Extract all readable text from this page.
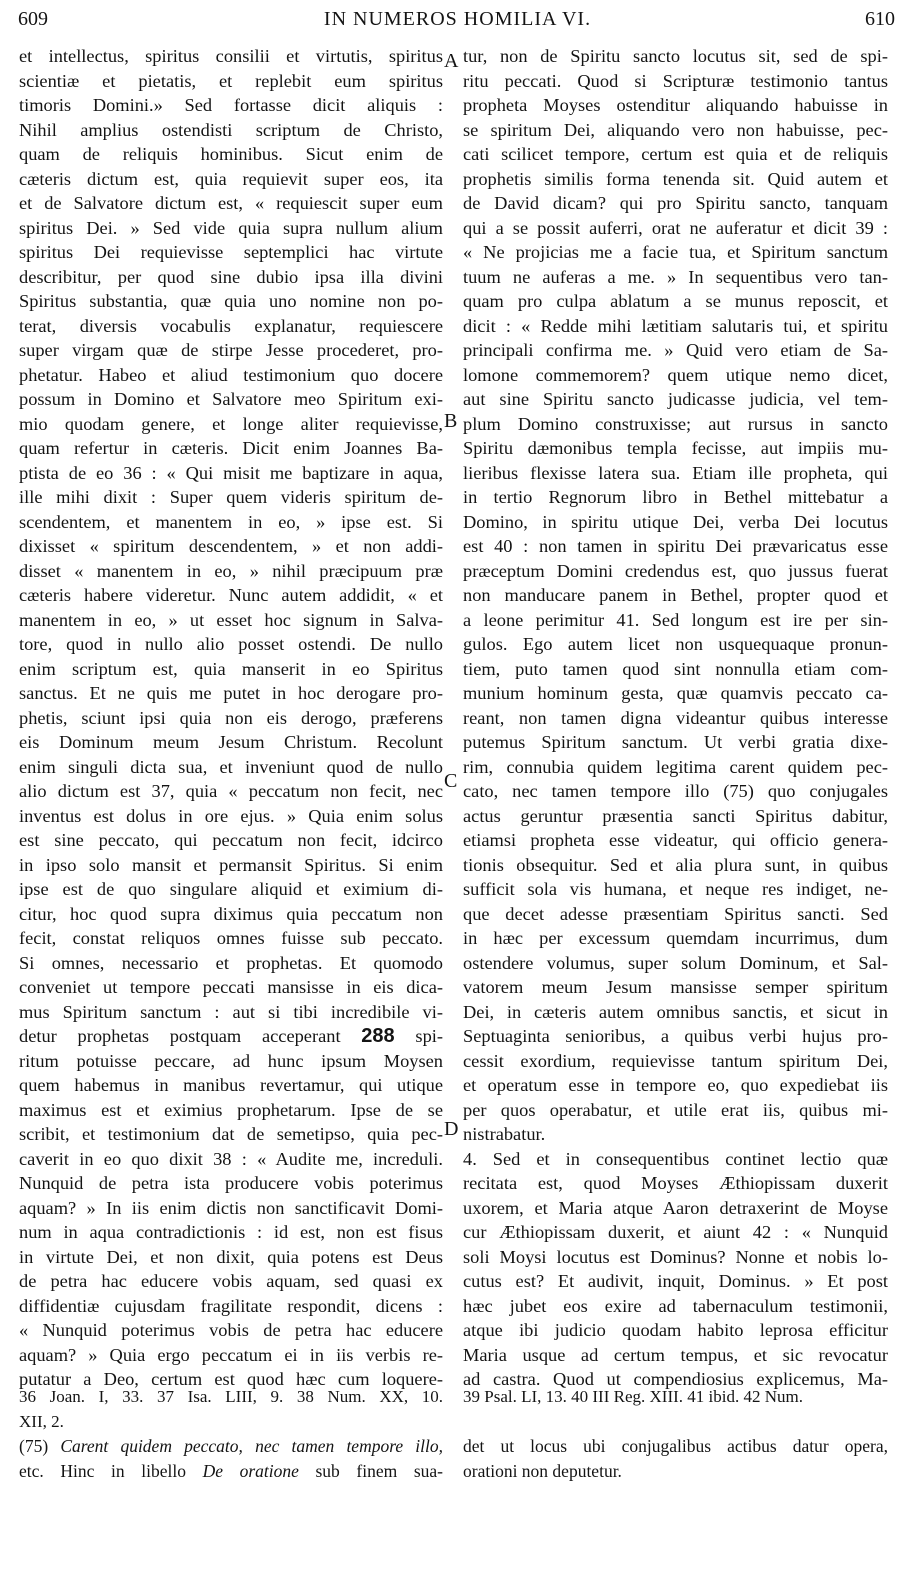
609	IN NUMEROS HOMILIA VI.	610
et intellectus, spiritus consilii et virtutis, spiritus
scientiæ et pietatis, et replebit eum spiritus
timoris Domini.» Sed fortasse dicit aliquis :
Nihil amplius ostendisti scriptum de Christo,
quam de reliquis hominibus. Sicut enim de
cæteris dictum est, quia requievit super eos, ita
et de Salvatore dictum est, « requiescit super eum
spiritus Dei. » Sed vide quia supra nullum alium
spiritus Dei requievisse septemplici hac virtute
describitur, per quod sine dubio ipsa illa divini
Spiritus substantia, quæ quia uno nomine non po-
terat, diversis vocabulis explanatur, requiescere
super virgam quæ de stirpe Jesse procederet, pro-
phetatur. Habeo et aliud testimonium quo docere
possum in Domino et Salvatore meo Spiritum exi-
mio quodam genere, et longe aliter requievisse,
quam refertur in cæteris. Dicit enim Joannes Ba-
ptista de eo 36 : « Qui misit me baptizare in aqua,
ille mihi dixit : Super quem videris spiritum de-
scendentem, et manentem in eo, » ipse est. Si
dixisset « spiritum descendentem, » et non addi-
disset « manentem in eo, » nihil præcipuum præ
cæteris habere videretur. Nunc autem addidit, « et
manentem in eo, » ut esset hoc signum in Salva-
tore, quod in nullo alio posset ostendi. De nullo
enim scriptum est, quia manserit in eo Spiritus
sanctus. Et ne quis me putet in hoc derogare pro-
phetis, sciunt ipsi quia non eis derogo, præferens
eis Dominum meum Jesum Christum. Recolunt
enim singuli dicta sua, et inveniunt quod de nullo
alio dictum est 37, quia « peccatum non fecit, nec
inventus est dolus in ore ejus. » Quia enim solus
est sine peccato, qui peccatum non fecit, idcirco
in ipso solo mansit et permansit Spiritus. Si enim
ipse est de quo singulare aliquid et eximium di-
citur, hoc quod supra diximus quia peccatum non
fecit, constat reliquos omnes fuisse sub peccato.
Si omnes, necessario et prophetas. Et quomodo
conveniet ut tempore peccati mansisse in eis dica-
mus Spiritum sanctum : aut si tibi incredibile vi-
detur prophetas postquam acceperant 288 spi-
ritum potuisse peccare, ad hunc ipsum Moysen
quem habemus in manibus revertamur, qui utique
maximus est et eximius prophetarum. Ipse de se
scribit, et testimonium dat de semetipso, quia pec-
caverit in eo quo dixit 38 : « Audite me, increduli.
Nunquid de petra ista producere vobis poterimus
aquam? » In iis enim dictis non sanctificavit Domi-
num in aqua contradictionis : id est, non est fisus
in virtute Dei, et non dixit, quia potens est Deus
de petra hac educere vobis aquam, sed quasi ex
diffidentiæ cujusdam fragilitate respondit, dicens :
« Nunquid poterimus vobis de petra hac educere
aquam? » Quia ergo peccatum ei in iis verbis re-
putatur a Deo, certum est quod hæc cum loquere-
tur, non de Spiritu sancto locutus sit, sed de spi-
ritu peccati. Quod si Scripturæ testimonio tantus
propheta Moyses ostenditur aliquando habuisse in
se spiritum Dei, aliquando vero non habuisse, pec-
cati scilicet tempore, certum est quia et de reliquis
prophetis similis forma tenenda sit. Quid autem et
de David dicam? qui pro Spiritu sancto, tanquam
qui a se possit auferri, orat ne auferatur et dicit 39 :
« Ne projicias me a facie tua, et Spiritum sanctum
tuum ne auferas a me. » In sequentibus vero tan-
quam pro culpa ablatum a se munus reposcit, et
dicit : « Redde mihi lætitiam salutaris tui, et spiritu
principali confirma me. » Quid vero etiam de Sa-
lomone commemorem? quem utique nemo dicet,
aut sine Spiritu sancto judicasse judicia, vel tem-
plum Domino construxisse; aut rursus in sancto
Spiritu dæmonibus templa fecisse, aut impiis mu-
lieribus flexisse latera sua. Etiam ille propheta, qui
in tertio Regnorum libro in Bethel mittebatur a
Domino, in spiritu utique Dei, verba Dei locutus
est 40 : non tamen in spiritu Dei prævaricatus esse
præceptum Domini credendus est, quo jussus fuerat
non manducare panem in Bethel, propter quod et
a leone perimitur 41. Sed longum est ire per sin-
gulos. Ego autem licet non usquequaque pronun-
tiem, puto tamen quod sint nonnulla etiam com-
munium hominum gesta, quæ quamvis peccato ca-
reant, non tamen digna videantur quibus interesse
putemus Spiritum sanctum. Ut verbi gratia dixe-
rim, connubia quidem legitima carent quidem pec-
cato, nec tamen tempore illo (75) quo conjugales
actus geruntur præsentia sancti Spiritus dabitur,
etiamsi propheta esse videatur, qui officio genera-
tionis obsequitur. Sed et alia plura sunt, in quibus
sufficit sola vis humana, et neque res indiget, ne-
que decet adesse præsentiam Spiritus sancti. Sed
in hæc per excessum quemdam incurrimus, dum
ostendere volumus, super solum Dominum, et Sal-
vatorem meum Jesum mansisse semper spiritum
Dei, in cæteris autem omnibus sanctis, et sicut in
Septuaginta senioribus, a quibus verbi hujus pro-
cessit exordium, requievisse tantum spiritum Dei,
et operatum esse in tempore eo, quo expediebat iis
per quos operabatur, et utile erat iis, quibus mi-
nistrabatur.
4. Sed et in consequentibus continet lectio quæ
recitata est, quod Moyses Æthiopissam duxerit
uxorem, et Maria atque Aaron detraxerint de Moyse
cur Æthiopissam duxerit, et aiunt 42 : « Nunquid
soli Moysi locutus est Dominus? Nonne et nobis lo-
cutus est? Et audivit, inquit, Dominus. » Et post
hæc jubet eos exire ad tabernaculum testimonii,
atque ibi judicio quodam habito leprosa efficitur
Maria usque ad certum tempus, et sic revocatur
ad castra. Quod ut compendiosius explicemus, Ma-
A
B
C
D
36 Joan. I, 33. 37 Isa. LIII, 9. 38 Num. XX, 10.
XII, 2.
39 Psal. LI, 13. 40 III Reg. XIII. 41 ibid. 42 Num.
(75) Carent quidem peccato, nec tamen tempore illo,
etc. Hinc in libello De oratione sub finem sua-
det ut locus ubi conjugalibus actibus datur opera,
orationi non deputetur.
